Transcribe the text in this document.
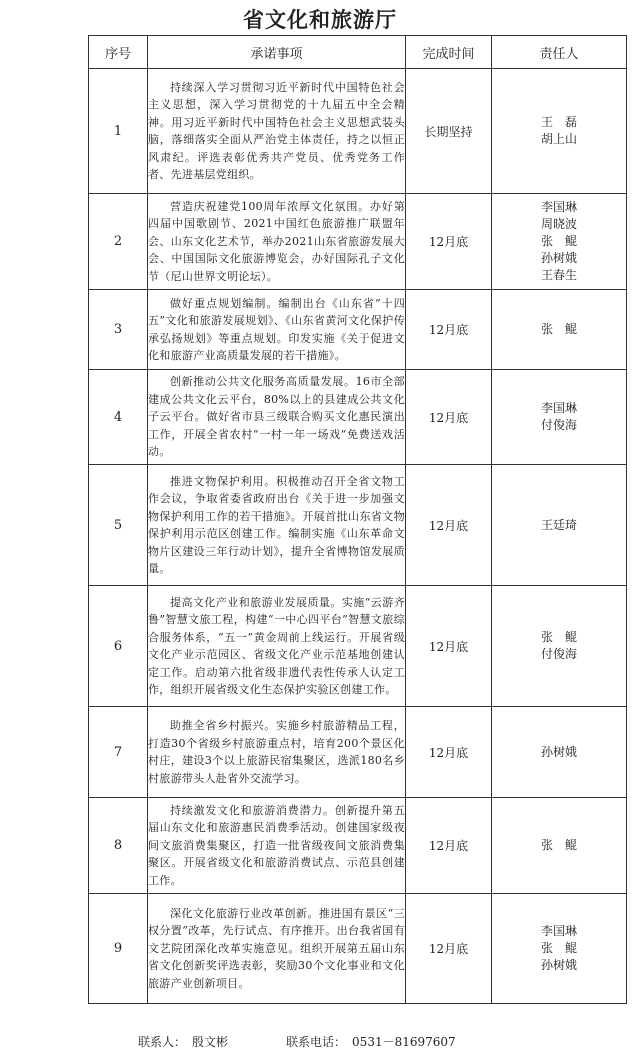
省文化和旅游厅
序号	承诺事项	完成时间	责任人
1	持续深入学习贯彻习近平新时代中国特色社会主义思想，深入学习贯彻党的十九届五中全会精神。用习近平新时代中国特色社会主义思想武装头脑，落细落实全面从严治党主体责任，持之以恒正风肃纪。评选表彰优秀共产党员、优秀党务工作者、先进基层党组织。	长期坚持	王　磊
胡上山

2	营造庆祝建党100周年浓厚文化氛围。办好第四届中国歌剧节、2021中国红色旅游推广联盟年会、山东文化艺术节，举办2021山东省旅游发展大会、中国国际文化旅游博览会，办好国际孔子文化节（尼山世界文明论坛）。	12月底	李国琳
周晓波
张　鲲
孙树娥
王春生

3	做好重点规划编制。编制出台《山东省“十四五”文化和旅游发展规划》、《山东省黄河文化保护传承弘扬规划》等重点规划。印发实施《关于促进文化和旅游产业高质量发展的若干措施》。	12月底	张　鲲

4	创新推动公共文化服务高质量发展。16市全部建成公共文化云平台，80%以上的县建成公共文化子云平台。做好省市县三级联合购买文化惠民演出工作，开展全省农村“一村一年一场戏”免费送戏活动。	12月底	李国琳
付俊海

5	推进文物保护利用。积极推动召开全省文物工作会议，争取省委省政府出台《关于进一步加强文物保护利用工作的若干措施》。开展首批山东省文物保护利用示范区创建工作。编制实施《山东革命文物片区建设三年行动计划》，提升全省博物馆发展质量。	12月底	王廷琦

6	提高文化产业和旅游业发展质量。实施“云游齐鲁”智慧文旅工程，构建“一中心四平台”智慧文旅综合服务体系，“五一”黄金周前上线运行。开展省级文化产业示范园区、省级文化产业示范基地创建认定工作。启动第六批省级非遗代表性传承人认定工作，组织开展省级文化生态保护实验区创建工作。	12月底	张　鲲
付俊海

7	助推全省乡村振兴。实施乡村旅游精品工程，打造30个省级乡村旅游重点村，培育200个景区化村庄，建设3个以上旅游民宿集聚区，选派180名乡村旅游带头人赴省外交流学习。	12月底	孙树娥

8	持续激发文化和旅游消费潜力。创新提升第五届山东文化和旅游惠民消费季活动。创建国家级夜间文旅消费集聚区，打造一批省级夜间文旅消费集聚区。开展省级文化和旅游消费试点、示范县创建工作。	12月底	张　鲲

9	深化文化旅游行业改革创新。推进国有景区“三权分置”改革，先行试点、有序推开。出台我省国有文艺院团深化改革实施意见。组织开展第五届山东省文化创新奖评选表彰，奖励30个文化事业和文化旅游产业创新项目。	12月底	李国琳
张　鲲
孙树娥
联系人： 殷文彬	联系电话： 0531－81697607
